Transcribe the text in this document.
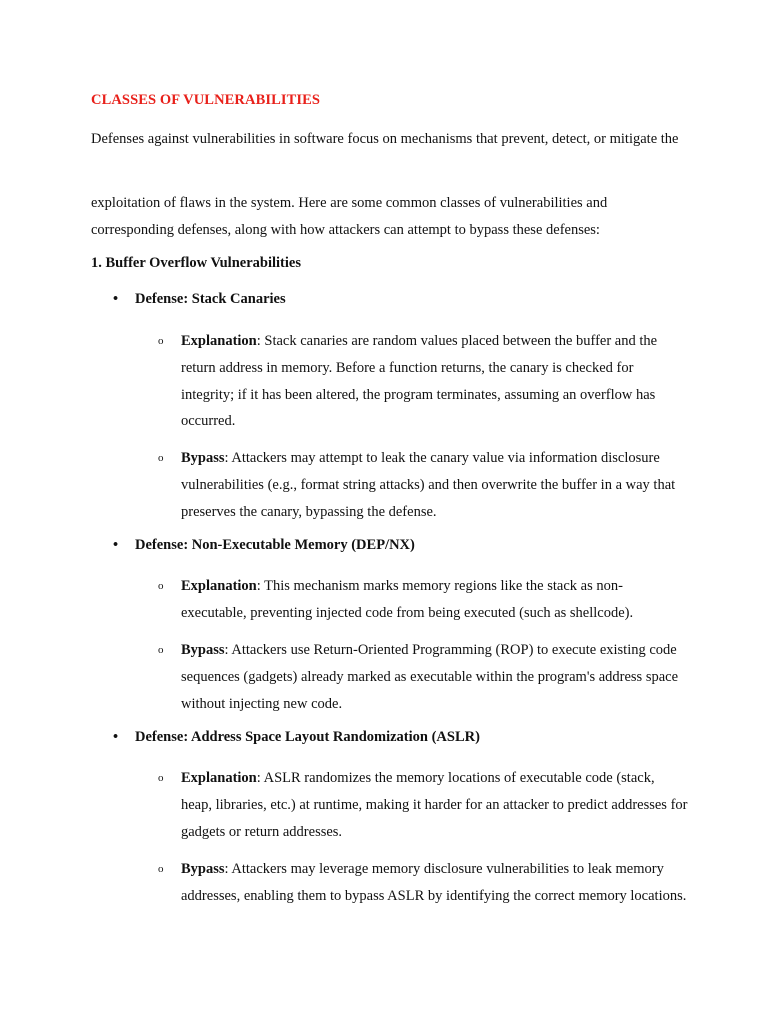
CLASSES OF VULNERABILITIES
Defenses against vulnerabilities in software focus on mechanisms that prevent, detect, or mitigate the
exploitation of flaws in the system. Here are some common classes of vulnerabilities and corresponding defenses, along with how attackers can attempt to bypass these defenses:
1. Buffer Overflow Vulnerabilities
• Defense: Stack Canaries
o Explanation: Stack canaries are random values placed between the buffer and the return address in memory. Before a function returns, the canary is checked for integrity; if it has been altered, the program terminates, assuming an overflow has occurred.
o Bypass: Attackers may attempt to leak the canary value via information disclosure vulnerabilities (e.g., format string attacks) and then overwrite the buffer in a way that preserves the canary, bypassing the defense.
• Defense: Non-Executable Memory (DEP/NX)
o Explanation: This mechanism marks memory regions like the stack as non-executable, preventing injected code from being executed (such as shellcode).
o Bypass: Attackers use Return-Oriented Programming (ROP) to execute existing code sequences (gadgets) already marked as executable within the program's address space without injecting new code.
• Defense: Address Space Layout Randomization (ASLR)
o Explanation: ASLR randomizes the memory locations of executable code (stack, heap, libraries, etc.) at runtime, making it harder for an attacker to predict addresses for gadgets or return addresses.
o Bypass: Attackers may leverage memory disclosure vulnerabilities to leak memory addresses, enabling them to bypass ASLR by identifying the correct memory locations.
